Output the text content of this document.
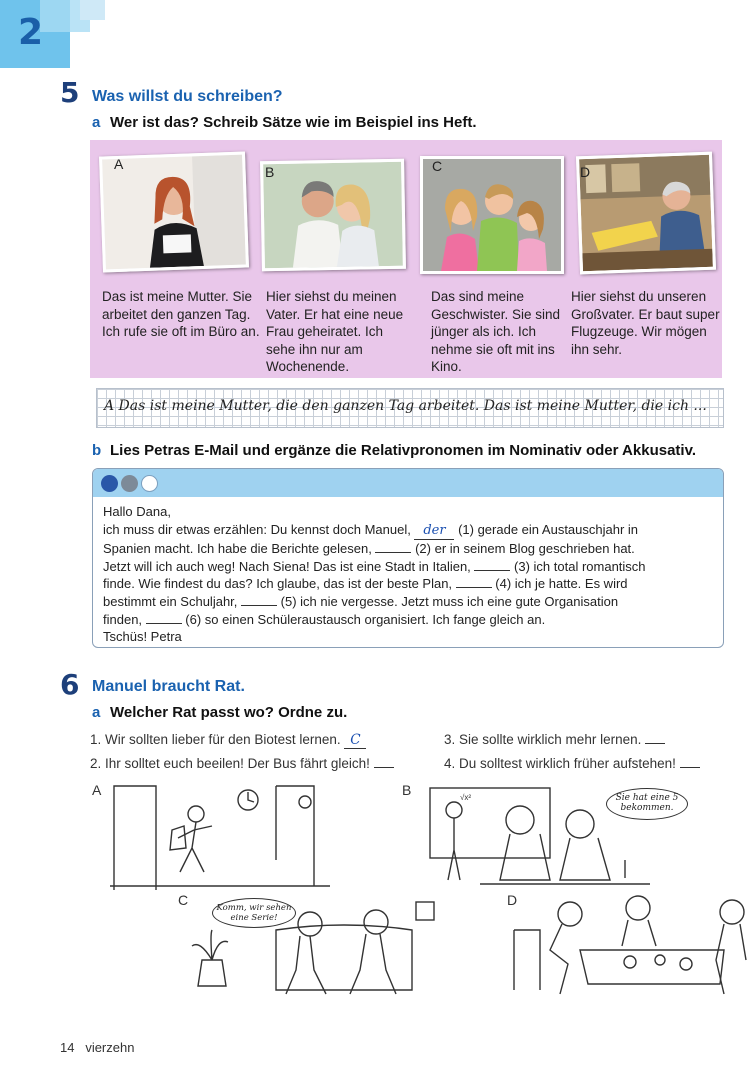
2
5 Was willst du schreiben?
a Wer ist das? Schreib Sätze wie im Beispiel ins Heft.
A	B	C	D
Das ist meine Mutter. Sie arbeitet den ganzen Tag. Ich rufe sie oft im Büro an.
Hier siehst du meinen Vater. Er hat eine neue Frau geheiratet. Ich sehe ihn nur am Wochenende.
Das sind meine Geschwister. Sie sind jünger als ich. Ich nehme sie oft mit ins Kino.
Hier siehst du unseren Großvater. Er baut super Flugzeuge. Wir mögen ihn sehr.
A Das ist meine Mutter, die den ganzen Tag arbeitet. Das ist meine Mutter, die ich ...
b Lies Petras E-Mail und ergänze die Relativpronomen im Nominativ oder Akkusativ.
Hallo Dana,
ich muss dir etwas erzählen: Du kennst doch Manuel, der (1) gerade ein Austauschjahr in
Spanien macht. Ich habe die Berichte gelesen,	(2) er in seinem Blog geschrieben hat.
Jetzt will ich auch weg! Nach Siena! Das ist eine Stadt in Italien,	(3) ich total romantisch
finde. Wie findest du das? Ich glaube, das ist der beste Plan,	(4) ich je hatte. Es wird
bestimmt ein Schuljahr,	(5) ich nie vergesse. Jetzt muss ich eine gute Organisation
finden,	(6) so einen Schüleraustausch organisiert. Ich fange gleich an.
Tschüs! Petra
6 Manuel braucht Rat.
a Welcher Rat passt wo? Ordne zu.
1. Wir sollten lieber für den Biotest lernen. C
2. Ihr solltet euch beeilen! Der Bus fährt gleich!
3. Sie sollte wirklich mehr lernen.
4. Du solltest wirklich früher aufstehen!
A	B	√x²	Sie hat eine 5 bekommen.
C	Komm, wir sehen eine Serie!
D
14 vierzehn
